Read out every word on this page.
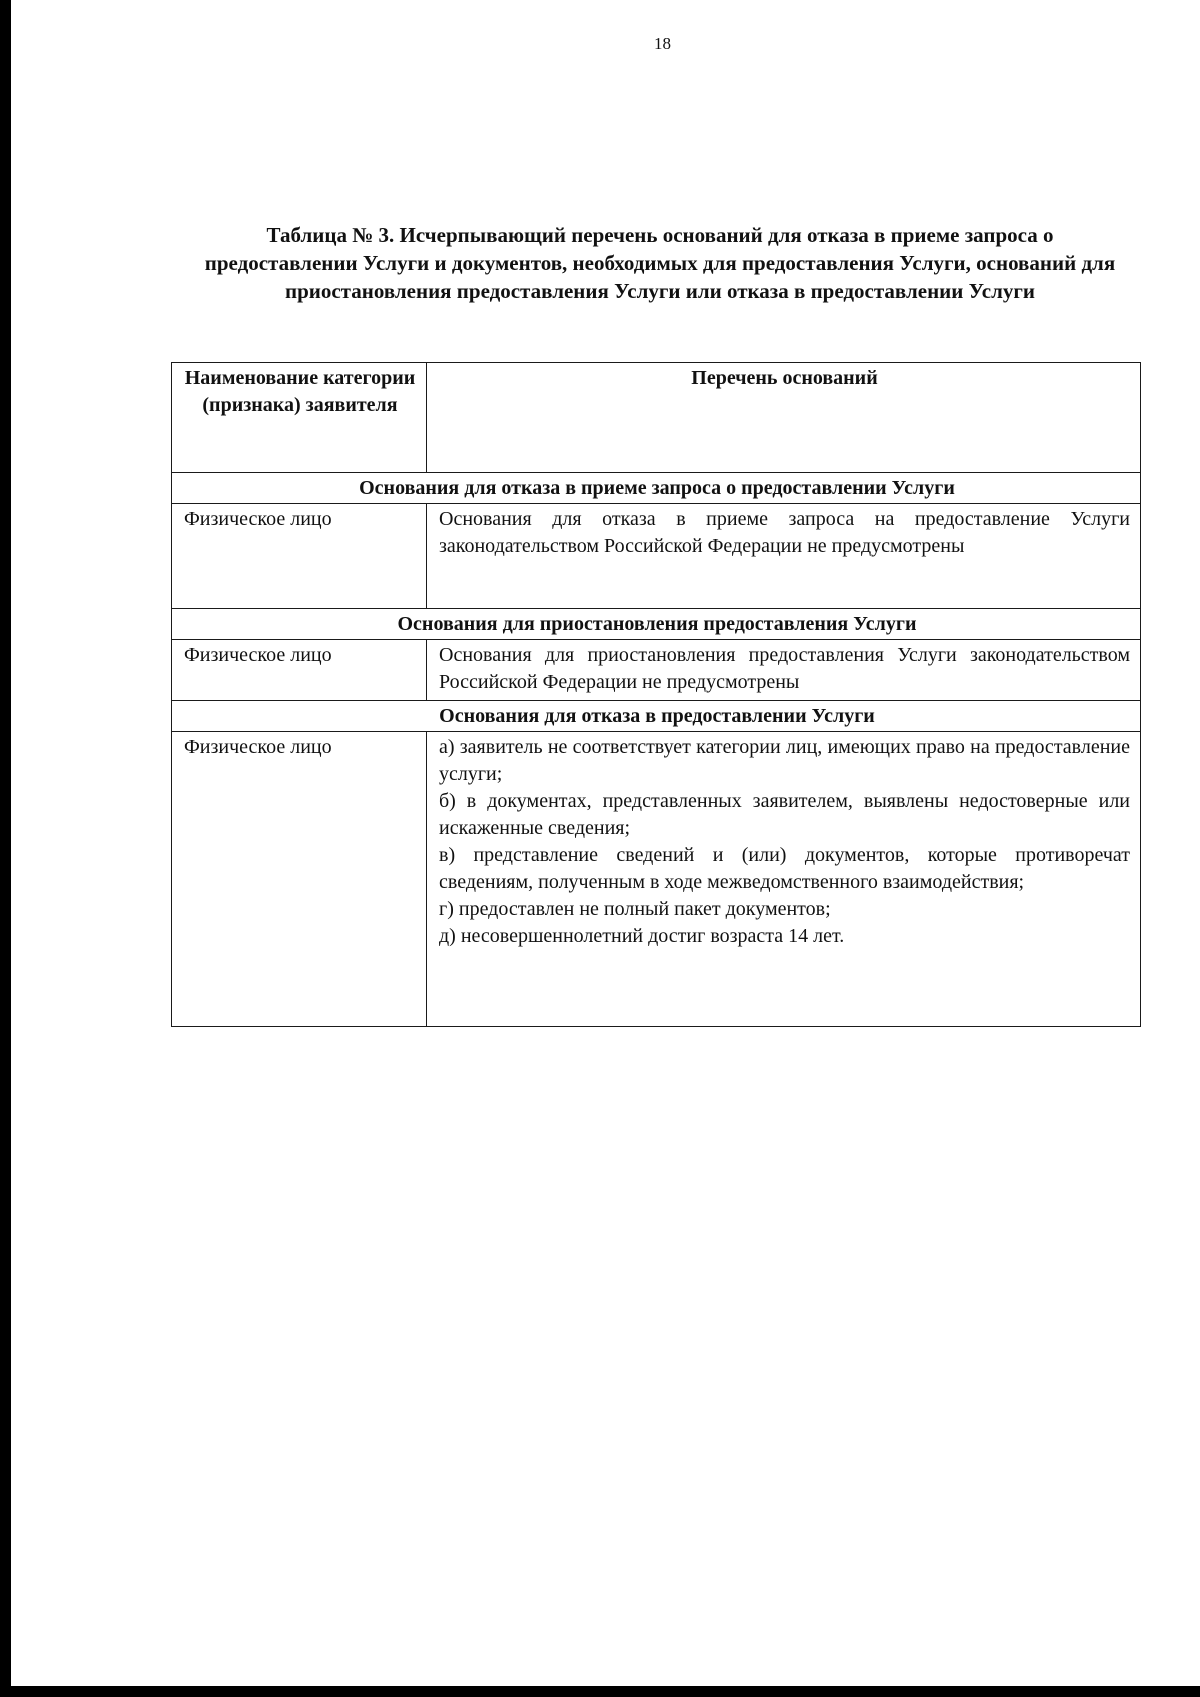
18
Таблица № 3. Исчерпывающий перечень оснований для отказа в приеме запроса о предоставлении Услуги и документов, необходимых для предоставления Услуги, оснований для приостановления предоставления Услуги или отказа в предоставлении Услуги
Наименование категории (признака) заявителя	Перечень оснований
Основания для отказа в приеме запроса о предоставлении Услуги	
Физическое лицо	Основания для отказа в приеме запроса на предоставление Услуги законодательством Российской Федерации не предусмотрены

Основания для приостановления предоставления Услуги	
Физическое лицо	Основания для приостановления предоставления Услуги законодательством Российской Федерации не предусмотрены

Основания для отказа в предоставлении Услуги	
Физическое лицо	а) заявитель не соответствует категории лиц, имеющих право на предоставление услуги;
б) в документах, представленных заявителем, выявлены недостоверные или искаженные сведения;
в) представление сведений и (или) документов, которые противоречат сведениям, полученным в ходе межведомственного взаимодействия;
г) предоставлен не полный пакет документов;
д) несовершеннолетний достиг возраста 14 лет.
